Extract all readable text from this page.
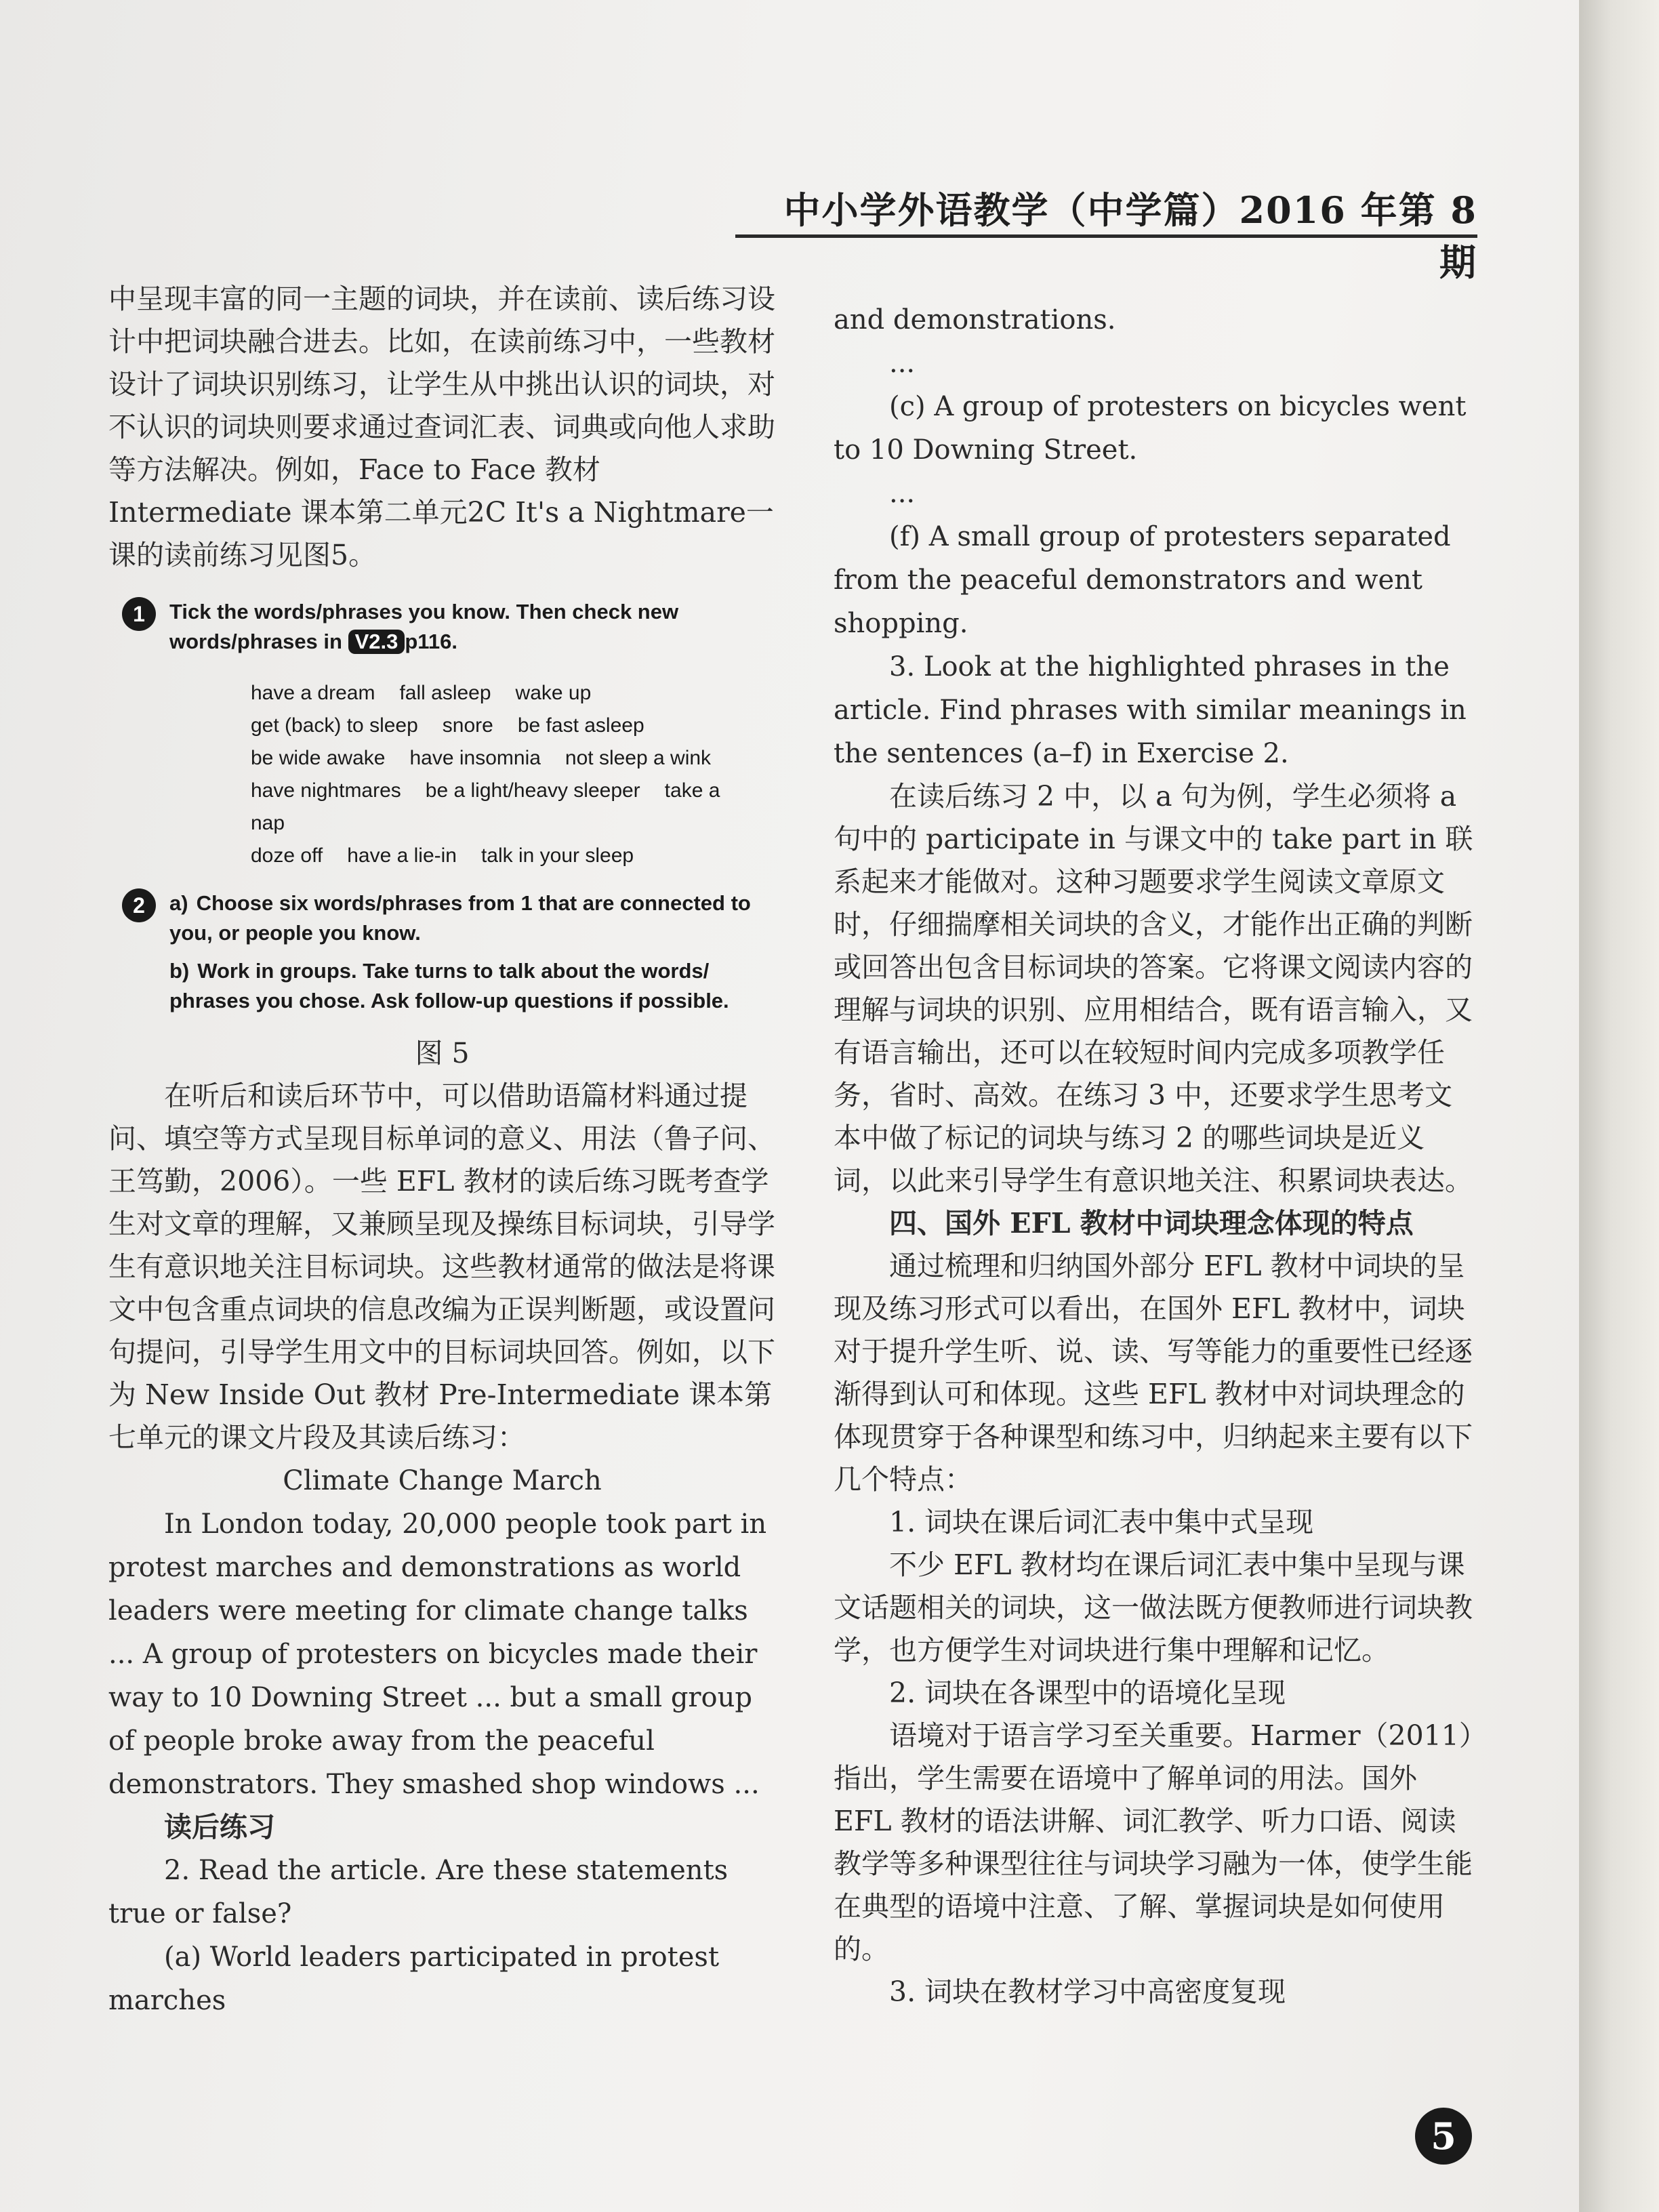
中小学外语教学（中学篇）2016 年第 8 期

中呈现丰富的同一主题的词块，并在读前、读后练习设计中把词块融合进去。比如，在读前练习中，一些教材设计了词块识别练习，让学生从中挑出认识的词块，对不认识的词块则要求通过查词汇表、词典或向他人求助等方法解决。例如，Face to Face 教材 Intermediate 课本第二单元2C It's a Nightmare一课的读前练习见图5。

1	Tick the words/phrases you know. Then check new words/phrases in V2.3 p116.
have a dream fall asleep wake up
get (back) to sleep snore be fast asleep
be wide awake have insomnia not sleep a wink
have nightmares be a light/heavy sleeper take a nap
doze off have a lie-in talk in your sleep
2	a) Choose six words/phrases from 1 that are connected to you, or people you know.
b) Work in groups. Take turns to talk about the words/ phrases you chose. Ask follow-up questions if possible.

图 5

在听后和读后环节中，可以借助语篇材料通过提问、填空等方式呈现目标单词的意义、用法（鲁子问、王笃勤，2006）。一些 EFL 教材的读后练习既考查学生对文章的理解，又兼顾呈现及操练目标词块，引导学生有意识地关注目标词块。这些教材通常的做法是将课文中包含重点词块的信息改编为正误判断题，或设置问句提问，引导学生用文中的目标词块回答。例如，以下为 New Inside Out 教材 Pre-Intermediate 课本第七单元的课文片段及其读后练习：

Climate Change March

In London today, 20,000 people took part in protest marches and demonstrations as world leaders were meeting for climate change talks ... A group of protesters on bicycles made their way to 10 Downing Street ... but a small group of people broke away from the peaceful demonstrators. They smashed shop windows ...

读后练习

2. Read the article. Are these statements true or false?

(a) World leaders participated in protest marches

and demonstrations.

...

(c) A group of protesters on bicycles went to 10 Downing Street.

...

(f) A small group of protesters separated from the peaceful demonstrators and went shopping.

3. Look at the highlighted phrases in the article. Find phrases with similar meanings in the sentences (a–f) in Exercise 2.

在读后练习 2 中，以 a 句为例，学生必须将 a 句中的 participate in 与课文中的 take part in 联系起来才能做对。这种习题要求学生阅读文章原文时，仔细揣摩相关词块的含义，才能作出正确的判断或回答出包含目标词块的答案。它将课文阅读内容的理解与词块的识别、应用相结合，既有语言输入，又有语言输出，还可以在较短时间内完成多项教学任务，省时、高效。在练习 3 中，还要求学生思考文本中做了标记的词块与练习 2 的哪些词块是近义词，以此来引导学生有意识地关注、积累词块表达。

四、国外 EFL 教材中词块理念体现的特点

通过梳理和归纳国外部分 EFL 教材中词块的呈现及练习形式可以看出，在国外 EFL 教材中，词块对于提升学生听、说、读、写等能力的重要性已经逐渐得到认可和体现。这些 EFL 教材中对词块理念的体现贯穿于各种课型和练习中，归纳起来主要有以下几个特点：

1. 词块在课后词汇表中集中式呈现

不少 EFL 教材均在课后词汇表中集中呈现与课文话题相关的词块，这一做法既方便教师进行词块教学，也方便学生对词块进行集中理解和记忆。

2. 词块在各课型中的语境化呈现

语境对于语言学习至关重要。Harmer（2011）指出，学生需要在语境中了解单词的用法。国外 EFL 教材的语法讲解、词汇教学、听力口语、阅读教学等多种课型往往与词块学习融为一体，使学生能在典型的语境中注意、了解、掌握词块是如何使用的。

3. 词块在教材学习中高密度复现

5
